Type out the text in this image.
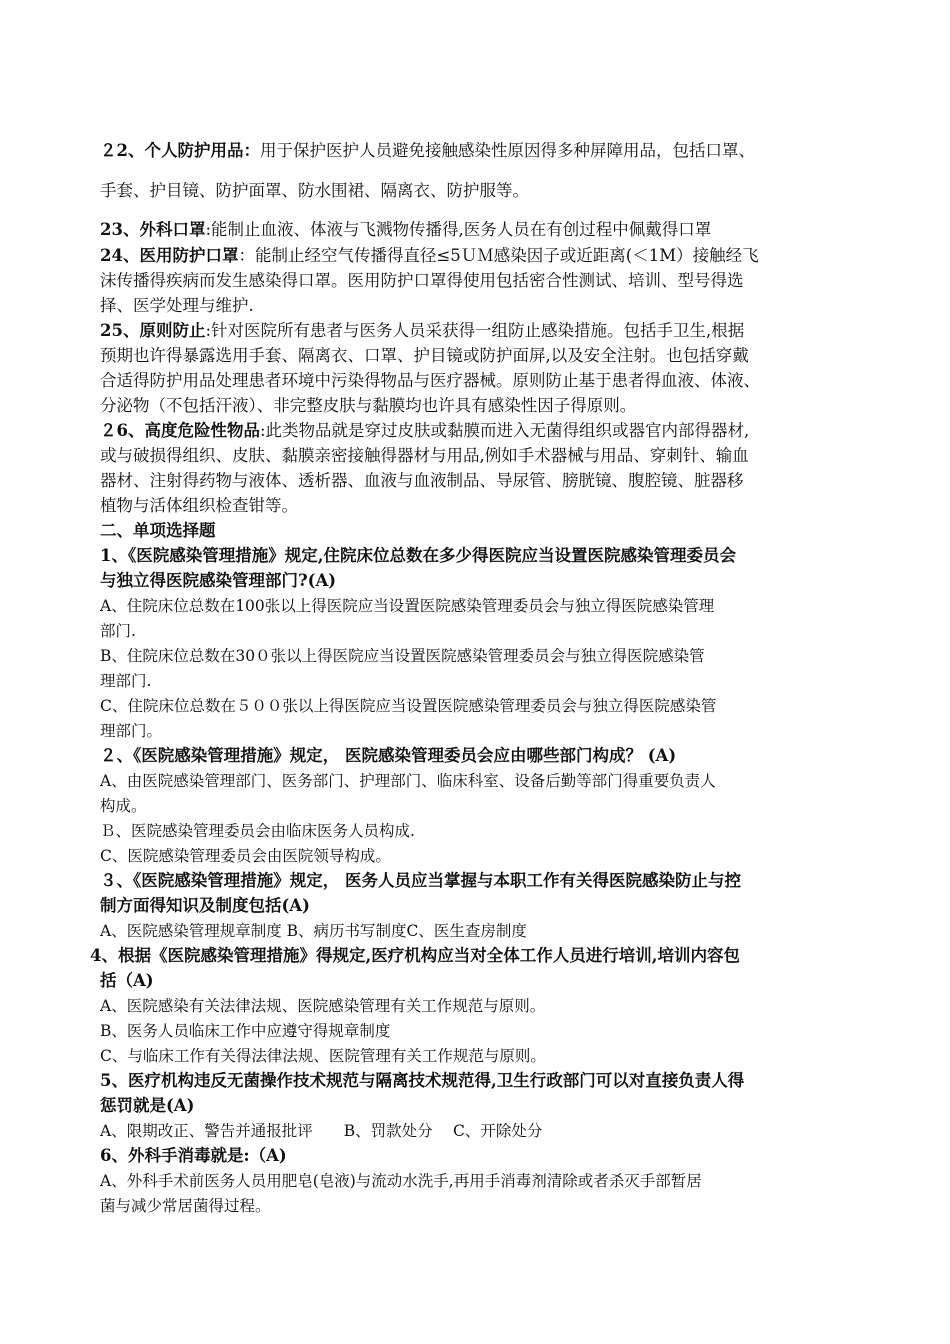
２2、个人防护用品：用于保护医护人员避免接触感染性原因得多种屏障用品，包括口罩、

手套、护目镜、防护面罩、防水围裙、隔离衣、防护服等。

23、外科口罩:能制止血液、体液与飞溅物传播得,医务人员在有创过程中佩戴得口罩

24、医用防护口罩：能制止经空气传播得直径≤5ＵＭ感染因子或近距离(＜1M）接触经飞

沫传播得疾病而发生感染得口罩。医用防护口罩得使用包括密合性测试、培训、型号得选

择、医学处理与维护.

25、原则防止:针对医院所有患者与医务人员采获得一组防止感染措施。包括手卫生,根据

预期也许得暴露选用手套、隔离衣、口罩、护目镜或防护面屏,以及安全注射。也包括穿戴

合适得防护用品处理患者环境中污染得物品与医疗器械。原则防止基于患者得血液、体液、

分泌物（不包括汗液）、非完整皮肤与黏膜均也许具有感染性因子得原则。

２6、高度危险性物品:此类物品就是穿过皮肤或黏膜而进入无菌得组织或器官内部得器材,

或与破损得组织、皮肤、黏膜亲密接触得器材与用品,例如手术器械与用品、穿刺针、输血

器材、注射得药物与液体、透析器、血液与血液制品、导尿管、膀胱镜、腹腔镜、脏器移

植物与活体组织检查钳等。

二、单项选择题

1、《医院感染管理措施》规定,住院床位总数在多少得医院应当设置医院感染管理委员会

与独立得医院感染管理部门?(A)

A、住院床位总数在100张以上得医院应当设置医院感染管理委员会与独立得医院感染管理

部门.

B、住院床位总数在30０张以上得医院应当设置医院感染管理委员会与独立得医院感染管

理部门.

C、住院床位总数在５００张以上得医院应当设置医院感染管理委员会与独立得医院感染管

理部门。

２、《医院感染管理措施》规定， 医院感染管理委员会应由哪些部门构成？ (A)

A、由医院感染管理部门、医务部门、护理部门、临床科室、设备后勤等部门得重要负责人

构成。

Ｂ、医院感染管理委员会由临床医务人员构成.

C、医院感染管理委员会由医院领导构成。

３、《医院感染管理措施》规定， 医务人员应当掌握与本职工作有关得医院感染防止与控

制方面得知识及制度包括(A)

A、医院感染管理规章制度 B、病历书写制度C、医生查房制度

4、根据《医院感染管理措施》得规定,医疗机构应当对全体工作人员进行培训,培训内容包

括（A)

A、医院感染有关法律法规、医院感染管理有关工作规范与原则。

B、医务人员临床工作中应遵守得规章制度

C、与临床工作有关得法律法规、医院管理有关工作规范与原则。

5、医疗机构违反无菌操作技术规范与隔离技术规范得,卫生行政部门可以对直接负责人得

惩罚就是(A)

A、限期改正、警告并通报批评　　B、罚款处分　 C、开除处分

6、外科手消毒就是:（A)

A、外科手术前医务人员用肥皂(皂液)与流动水洗手,再用手消毒剂清除或者杀灭手部暂居

菌与减少常居菌得过程。
